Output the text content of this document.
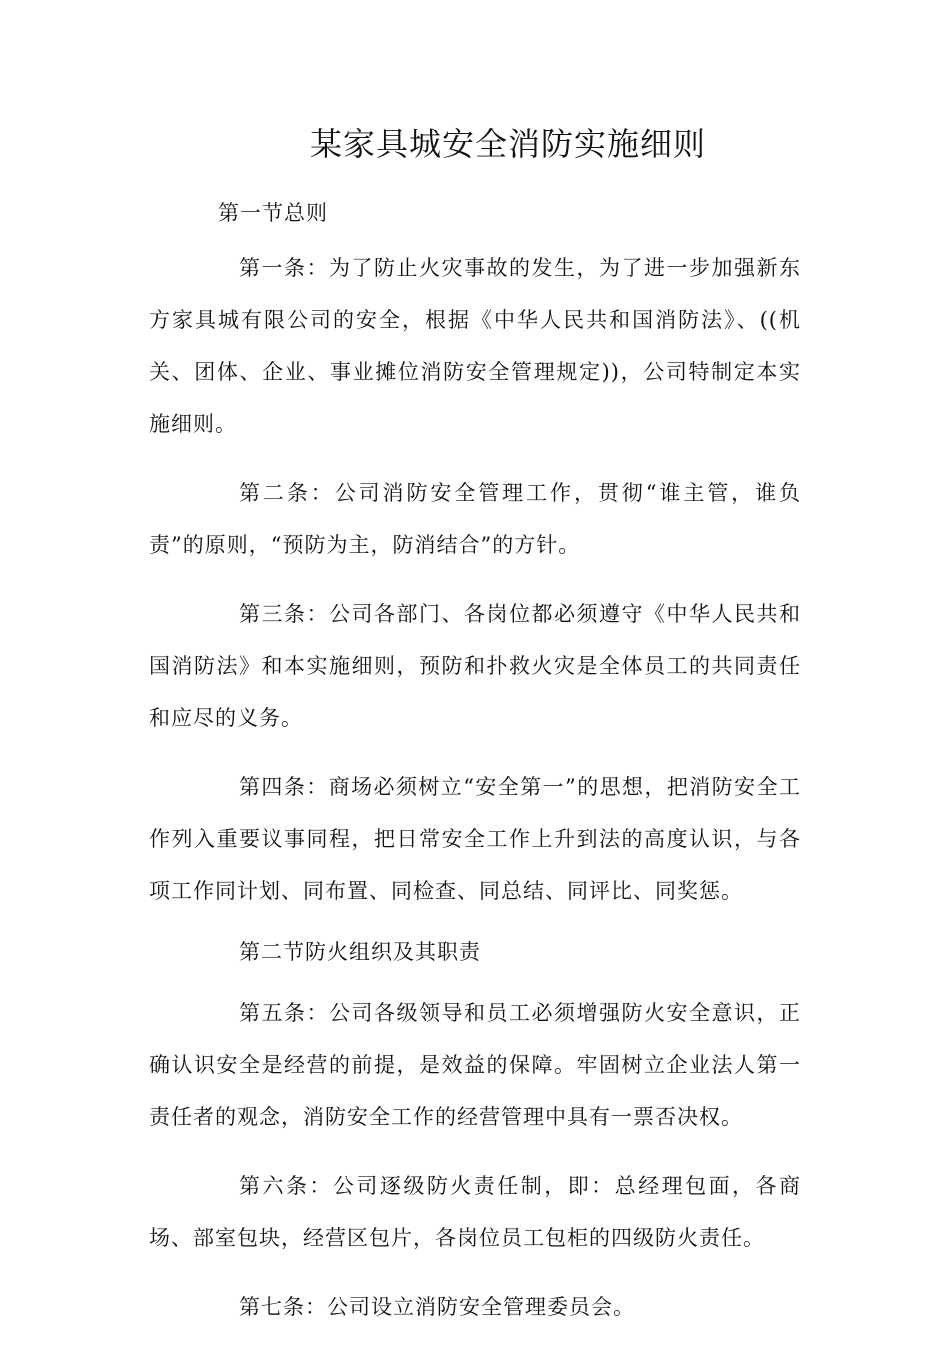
某家具城安全消防实施细则

第一节总则

第一条：为了防止火灾事故的发生，为了进一步加强新东方家具城有限公司的安全，根据《中华人民共和国消防法》、((机关、团体、企业、事业摊位消防安全管理规定))，公司特制定本实施细则。

第二条：公司消防安全管理工作，贯彻“谁主管，谁负责”的原则，“预防为主，防消结合”的方针。

第三条：公司各部门、各岗位都必须遵守《中华人民共和国消防法》和本实施细则，预防和扑救火灾是全体员工的共同责任和应尽的义务。

第四条：商场必须树立“安全第一”的思想，把消防安全工作列入重要议事同程，把日常安全工作上升到法的高度认识，与各项工作同计划、同布置、同检查、同总结、同评比、同奖惩。

第二节防火组织及其职责

第五条：公司各级领导和员工必须增强防火安全意识，正确认识安全是经营的前提，是效益的保障。牢固树立企业法人第一责任者的观念，消防安全工作的经营管理中具有一票否决权。

第六条：公司逐级防火责任制，即：总经理包面，各商场、部室包块，经营区包片，各岗位员工包柜的四级防火责任。

第七条：公司设立消防安全管理委员会。
